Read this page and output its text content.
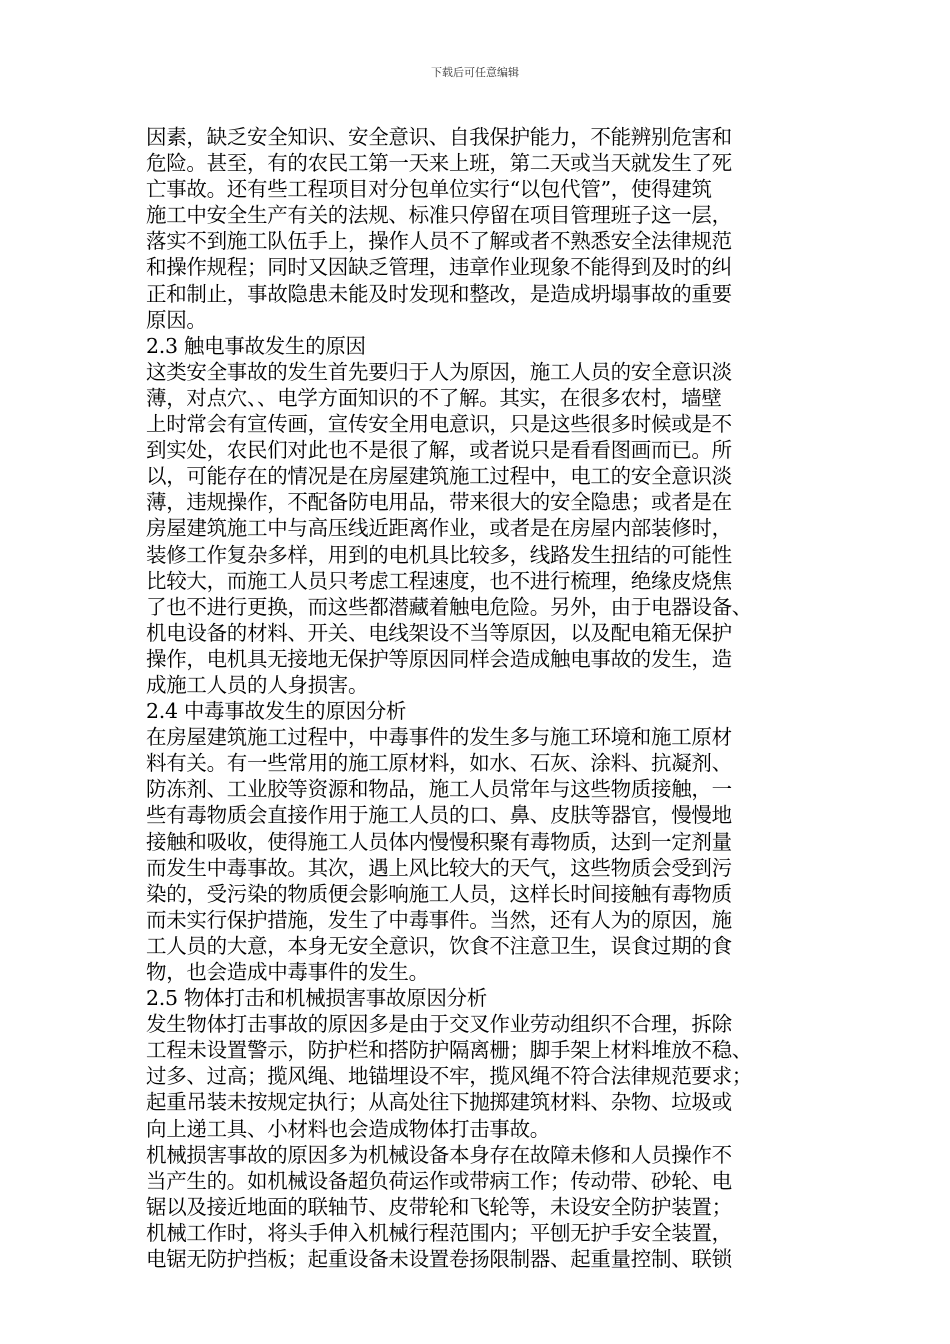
下载后可任意编辑
因素，缺乏安全知识、安全意识、自我保护能力，不能辨别危害和
危险。甚至，有的农民工第一天来上班，第二天或当天就发生了死
亡事故。还有些工程项目对分包单位实行“以包代管”，使得建筑
施工中安全生产有关的法规、标准只停留在项目管理班子这一层，
落实不到施工队伍手上，操作人员不了解或者不熟悉安全法律规范
和操作规程；同时又因缺乏管理，违章作业现象不能得到及时的纠
正和制止，事故隐患未能及时发现和整改，是造成坍塌事故的重要
原因。
2.3 触电事故发生的原因
这类安全事故的发生首先要归于人为原因，施工人员的安全意识淡
薄，对点穴、、电学方面知识的不了解。其实，在很多农村，墙壁
上时常会有宣传画，宣传安全用电意识，只是这些很多时候或是不
到实处，农民们对此也不是很了解，或者说只是看看图画而已。所
以，可能存在的情况是在房屋建筑施工过程中，电工的安全意识淡
薄，违规操作，不配备防电用品，带来很大的安全隐患；或者是在
房屋建筑施工中与高压线近距离作业，或者是在房屋内部装修时，
装修工作复杂多样，用到的电机具比较多，线路发生扭结的可能性
比较大，而施工人员只考虑工程速度，也不进行梳理，绝缘皮烧焦
了也不进行更换，而这些都潜藏着触电危险。另外，由于电器设备、
机电设备的材料、开关、电线架设不当等原因，以及配电箱无保护
操作，电机具无接地无保护等原因同样会造成触电事故的发生，造
成施工人员的人身损害。
2.4 中毒事故发生的原因分析
在房屋建筑施工过程中，中毒事件的发生多与施工环境和施工原材
料有关。有一些常用的施工原材料，如水、石灰、涂料、抗凝剂、
防冻剂、工业胶等资源和物品，施工人员常年与这些物质接触，一
些有毒物质会直接作用于施工人员的口、鼻、皮肤等器官，慢慢地
接触和吸收，使得施工人员体内慢慢积聚有毒物质，达到一定剂量
而发生中毒事故。其次，遇上风比较大的天气，这些物质会受到污
染的，受污染的物质便会影响施工人员，这样长时间接触有毒物质
而未实行保护措施，发生了中毒事件。当然，还有人为的原因，施
工人员的大意，本身无安全意识，饮食不注意卫生，误食过期的食
物，也会造成中毒事件的发生。
2.5 物体打击和机械损害事故原因分析
发生物体打击事故的原因多是由于交叉作业劳动组织不合理，拆除
工程未设置警示，防护栏和搭防护隔离栅；脚手架上材料堆放不稳、
过多、过高；揽风绳、地锚埋设不牢，揽风绳不符合法律规范要求；
起重吊装未按规定执行；从高处往下抛掷建筑材料、杂物、垃圾或
向上递工具、小材料也会造成物体打击事故。
机械损害事故的原因多为机械设备本身存在故障未修和人员操作不
当产生的。如机械设备超负荷运作或带病工作；传动带、砂轮、电
锯以及接近地面的联轴节、皮带轮和飞轮等，未设安全防护装置；
机械工作时，将头手伸入机械行程范围内；平刨无护手安全装置，
电锯无防护挡板；起重设备未设置卷扬限制器、起重量控制、联锁
